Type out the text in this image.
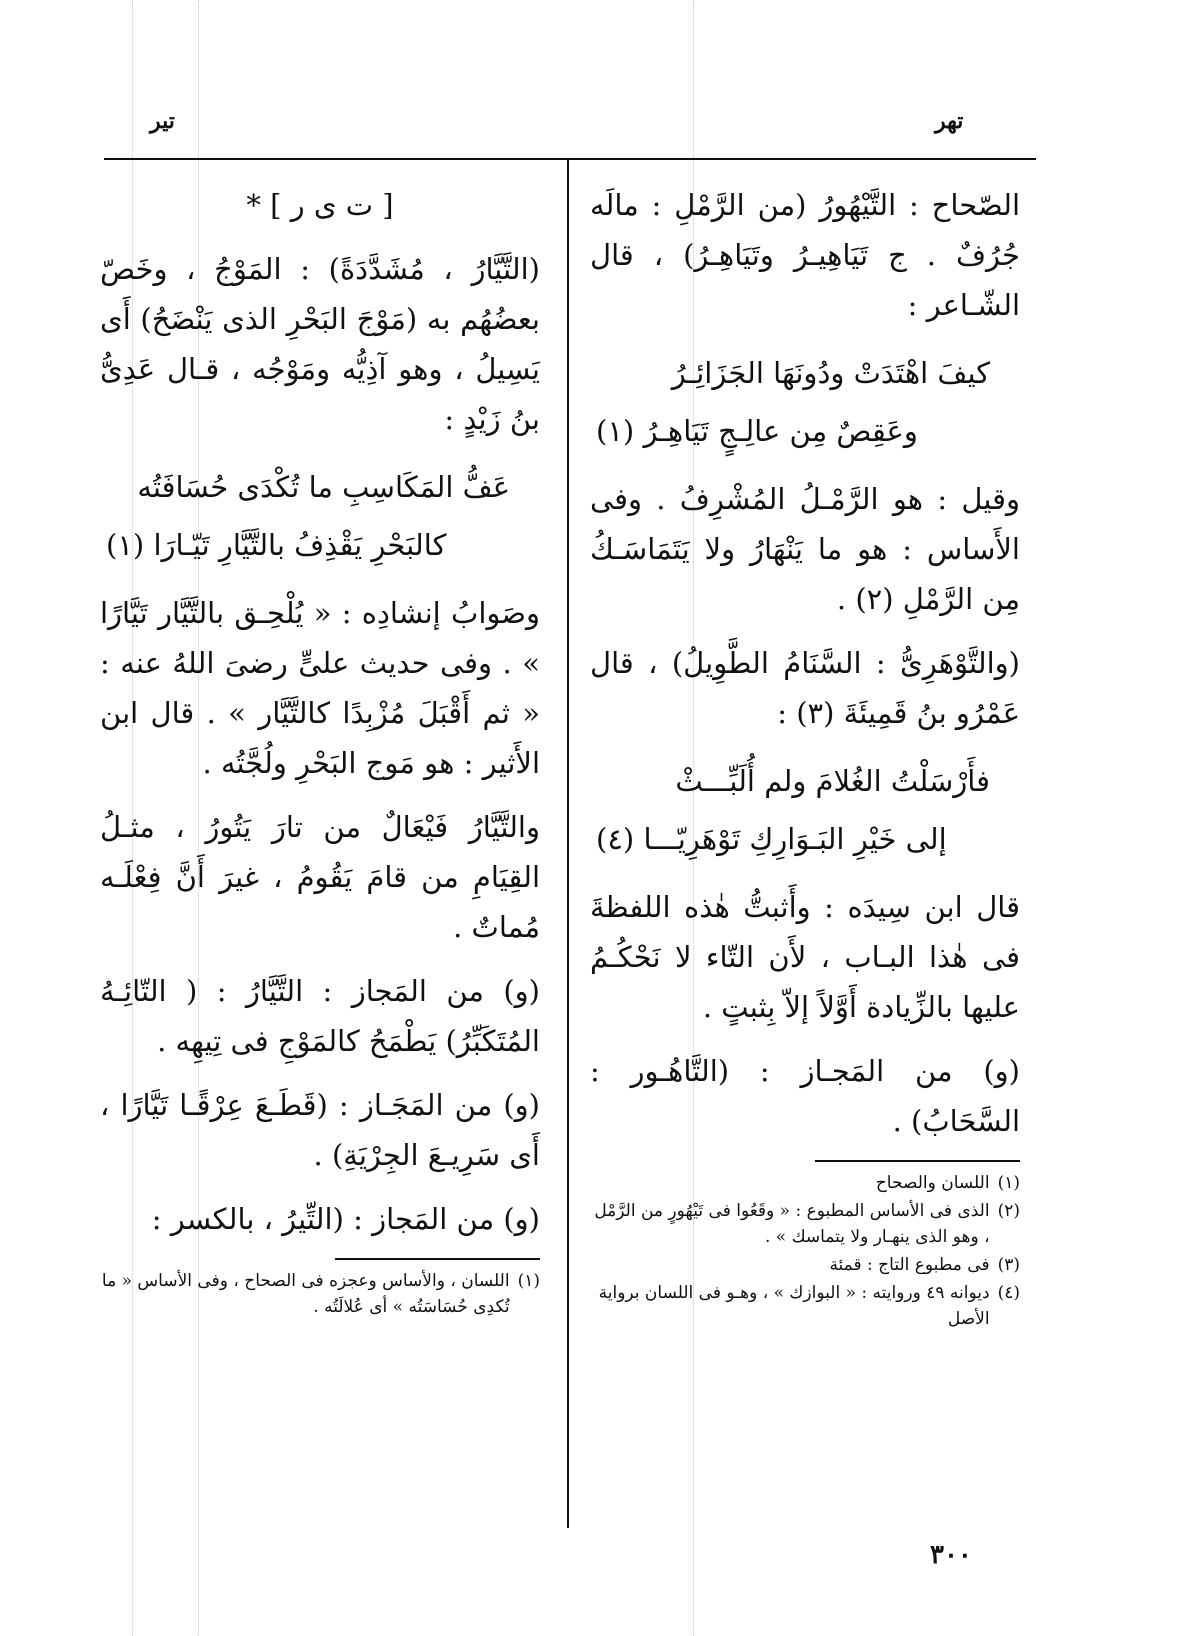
تير	تهر

الصّحاح : التَّيْهُورُ (من الرَّمْلِ : مالَه جُرُفٌ . ج تَيَاهِيـرُ وتَيَاهِـرُ) ، قال الشّـاعر :

كيفَ اهْتَدَتْ ودُونَهَا الجَزَائِـرُ
وعَقِصٌ مِن عالِـجٍ تَيَاهِـرُ (١)

وقيل : هو الرَّمْـلُ المُشْرِفُ . وفى الأَساس : هو ما يَنْهَارُ ولا يَتَمَاسَـكُ مِن الرَّمْلِ (٢) .

(والتَّوْهَرِىُّ : السَّنَامُ الطَّوِيلُ) ، قال عَمْرُو بنُ قَمِيئَةَ (٣) :

فأَرْسَلْتُ الغُلامَ ولم أُلَبِّـــثْ
إلى خَيْرِ البَـوَارِكِ تَوْهَرِيّـــا (٤)

قال ابن سِيدَه : وأَثبتُّ هٰذه اللفظةَ فى هٰذا البـاب ، لأَن التّاء لا نَحْكُـمُ عليها بالزِّيادة أَوَّلاً إلاّ بِثبتٍ .

(و) من المَجـاز : (التَّاهُـور : السَّحَابُ) .

(١)
اللسان والصحاح
(٢)
الذى فى الأساس المطبوع : « وقَعُوا فى تَيْهُورٍ من الرَّمْل ، وهو الذى ينهـار ولا يتماسك » .
(٣)
فى مطبوع التاج : قمئة
(٤)
ديوانه ٤٩ وروايته : « البوازك » ، وهـو فى اللسان برواية الأصل

[ ت ى ر ] *

(التَّيَّارُ ، مُشَدَّدَةً) : المَوْجُ ، وخَصّ بعضُهُم به (مَوْجَ البَحْرِ الذى يَنْضَحُ) أَى يَسِيلُ ، وهو آذِيُّه ومَوْجُه ، قـال عَدِىُّ بنُ زَيْدٍ :

عَفُّ المَكَاسِبِ ما تُكْدَى حُسَافَتُه
كالبَحْرِ يَقْذِفُ بالتَّيَّارِ تَيّـارَا (١)

وصَوابُ إنشادِه : « يُلْحِـق بالتَّيَّار تَيَّارًا » . وفى حديث علىٍّ رضىَ اللهُ عنه : « ثم أَقْبَلَ مُزْبِدًا كالتَّيَّار » . قال ابن الأَثير : هو مَوج البَحْرِ ولُجَّتُه .

والتَّيَّارُ فَيْعَالٌ من تارَ يَتُورُ ، مثـلُ القِيَامِ من قامَ يَقُومُ ، غيرَ أَنَّ فِعْلَـه مُماتٌ .

(و) من المَجاز : التَّيَّارُ : ( التّائِـهُ المُتَكَبِّرُ) يَطْمَحُ كالمَوْجِ فى تِيهِه .

(و) من المَجَـاز : (قَطَـعَ عِرْقًـا تَيَّارًا ، أَى سَرِيـعَ الجِرْيَةِ) .

(و) من المَجاز : (التِّيرُ ، بالكسر :

(١)
اللسان ، والأساس وعجزه فى الصحاح ، وفى الأساس « ما تُكدِى حُسَاسَتُه » أى عُلالَتُه .
٣٠٠
